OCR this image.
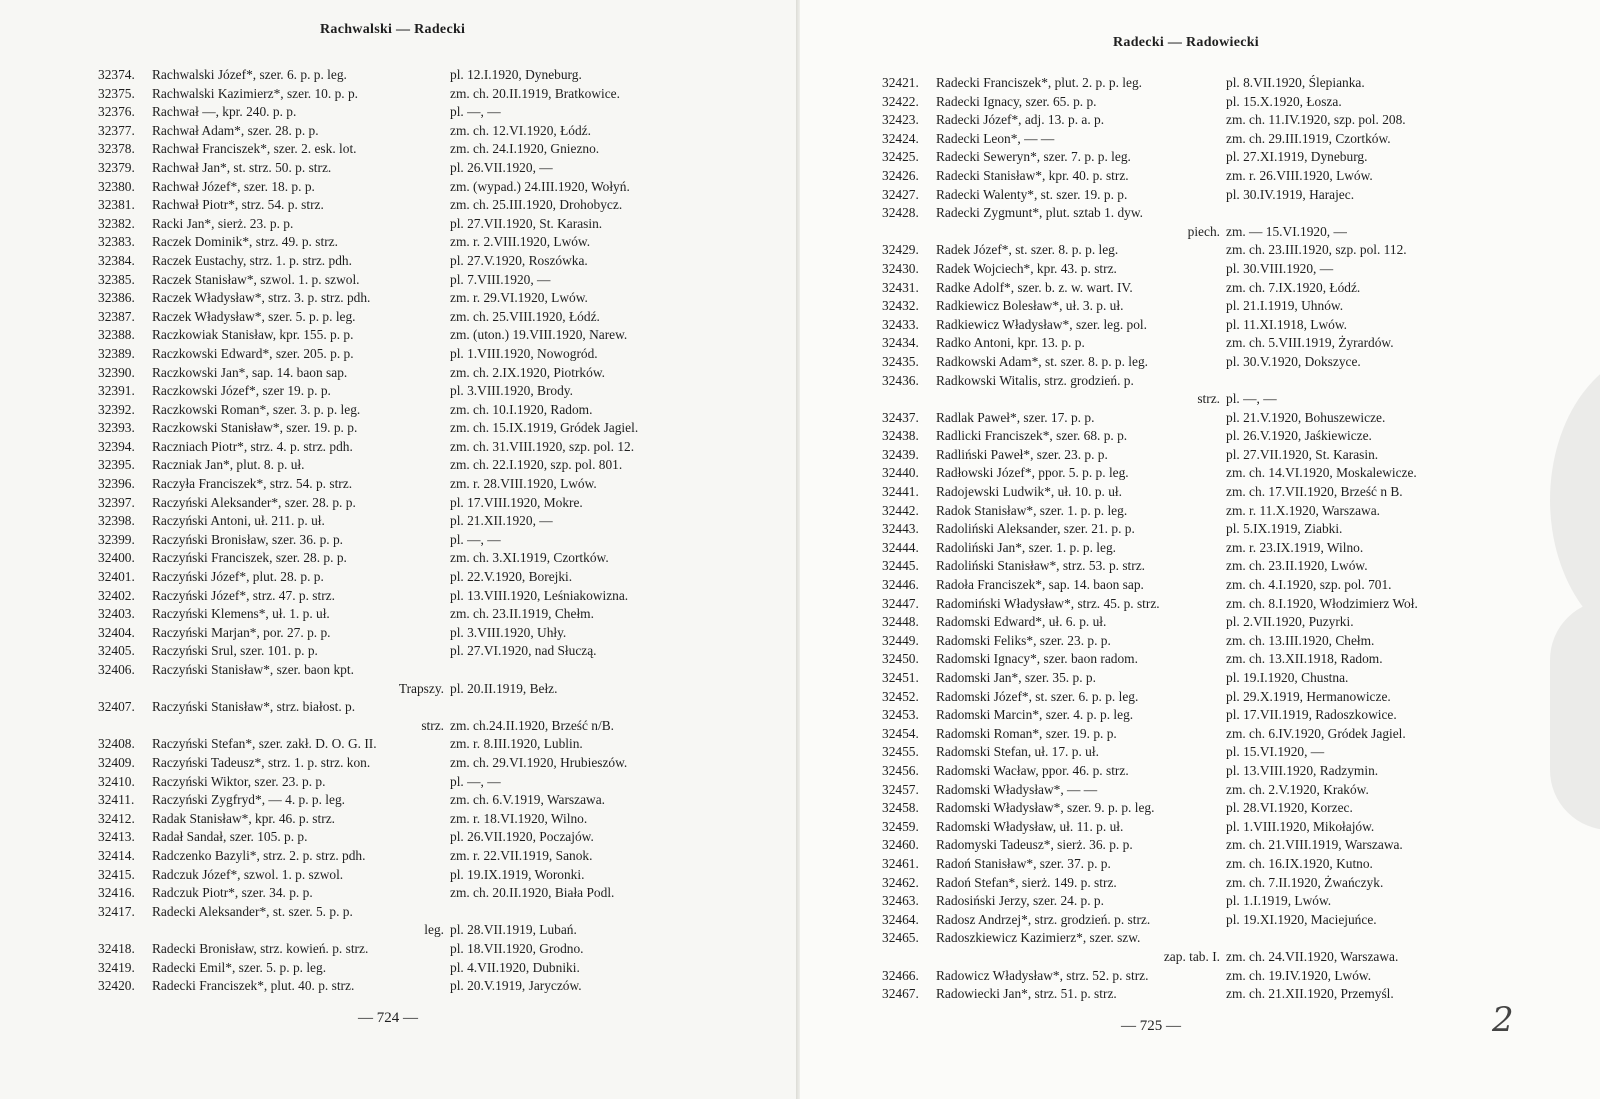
Rachwalski — Radecki
32374.	Rachwalski Józef*, szer. 6. p. p. leg.	pl. 12.I.1920, Dyneburg.
32375.	Rachwalski Kazimierz*, szer. 10. p. p.	zm. ch. 20.II.1919, Bratkowice.
32376.	Rachwał —, kpr. 240. p. p.	pl. —, —
32377.	Rachwał Adam*, szer. 28. p. p.	zm. ch. 12.VI.1920, Łódź.
32378.	Rachwał Franciszek*, szer. 2. esk. lot.	zm. ch. 24.I.1920, Gniezno.
32379.	Rachwał Jan*, st. strz. 50. p. strz.	pl. 26.VII.1920, —
32380.	Rachwał Józef*, szer. 18. p. p.	zm. (wypad.) 24.III.1920, Wołyń.
32381.	Rachwał Piotr*, strz. 54. p. strz.	zm. ch. 25.III.1920, Drohobycz.
32382.	Racki Jan*, sierż. 23. p. p.	pl. 27.VII.1920, St. Karasin.
32383.	Raczek Dominik*, strz. 49. p. strz.	zm. r. 2.VIII.1920, Lwów.
32384.	Raczek Eustachy, strz. 1. p. strz. pdh.	pl. 27.V.1920, Roszówka.
32385.	Raczek Stanisław*, szwol. 1. p. szwol.	pl. 7.VIII.1920, —
32386.	Raczek Władysław*, strz. 3. p. strz. pdh.	zm. r. 29.VI.1920, Lwów.
32387.	Raczek Władysław*, szer. 5. p. p. leg.	zm. ch. 25.VIII.1920, Łódź.
32388.	Raczkowiak Stanisław, kpr. 155. p. p.	zm. (uton.) 19.VIII.1920, Narew.
32389.	Raczkowski Edward*, szer. 205. p. p.	pl. 1.VIII.1920, Nowogród.
32390.	Raczkowski Jan*, sap. 14. baon sap.	zm. ch. 2.IX.1920, Piotrków.
32391.	Raczkowski Józef*, szer 19. p. p.	pl. 3.VIII.1920, Brody.
32392.	Raczkowski Roman*, szer. 3. p. p. leg.	zm. ch. 10.I.1920, Radom.
32393.	Raczkowski Stanisław*, szer. 19. p. p.	zm. ch. 15.IX.1919, Gródek Jagiel.
32394.	Raczniach Piotr*, strz. 4. p. strz. pdh.	zm. ch. 31.VIII.1920, szp. pol. 12.
32395.	Raczniak Jan*, plut. 8. p. uł.	zm. ch. 22.I.1920, szp. pol. 801.
32396.	Raczyła Franciszek*, strz. 54. p. strz.	zm. r. 28.VIII.1920, Lwów.
32397.	Raczyński Aleksander*, szer. 28. p. p.	pl. 17.VIII.1920, Mokre.
32398.	Raczyński Antoni, uł. 211. p. uł.	pl. 21.XII.1920, —
32399.	Raczyński Bronisław, szer. 36. p. p.	pl. —, —
32400.	Raczyński Franciszek, szer. 28. p. p.	zm. ch. 3.XI.1919, Czortków.
32401.	Raczyński Józef*, plut. 28. p. p.	pl. 22.V.1920, Borejki.
32402.	Raczyński Józef*, strz. 47. p. strz.	pl. 13.VIII.1920, Leśniakowizna.
32403.	Raczyński Klemens*, uł. 1. p. uł.	zm. ch. 23.II.1919, Chełm.
32404.	Raczyński Marjan*, por. 27. p. p.	pl. 3.VIII.1920, Uhły.
32405.	Raczyński Srul, szer. 101. p. p.	pl. 27.VI.1920, nad Słuczą.
32406.	Raczyński Stanisław*, szer. baon kpt.
Trapszy. pl. 20.II.1919, Bełz.
32407.	Raczyński Stanisław*, strz. białost. p.
strz. zm. ch.24.II.1920, Brześć n/B.
32408.	Raczyński Stefan*, szer. zakł. D. O. G. II.	zm. r. 8.III.1920, Lublin.
32409.	Raczyński Tadeusz*, strz. 1. p. strz. kon.	zm. ch. 29.VI.1920, Hrubieszów.
32410.	Raczyński Wiktor, szer. 23. p. p.	pl. —, —
32411.	Raczyński Zygfryd*, — 4. p. p. leg.	zm. ch. 6.V.1919, Warszawa.
32412.	Radak Stanisław*, kpr. 46. p. strz.	zm. r. 18.VI.1920, Wilno.
32413.	Radał Sandał, szer. 105. p. p.	pl. 26.VII.1920, Poczajów.
32414.	Radczenko Bazyli*, strz. 2. p. strz. pdh.	zm. r. 22.VII.1919, Sanok.
32415.	Radczuk Józef*, szwol. 1. p. szwol.	pl. 19.IX.1919, Woronki.
32416.	Radczuk Piotr*, szer. 34. p. p.	zm. ch. 20.II.1920, Biała Podl.
32417.	Radecki Aleksander*, st. szer. 5. p. p.
leg. pl. 28.VII.1919, Lubań.
32418.	Radecki Bronisław, strz. kowień. p. strz.	pl. 18.VII.1920, Grodno.
32419.	Radecki Emil*, szer. 5. p. p. leg.	pl. 4.VII.1920, Dubniki.
32420.	Radecki Franciszek*, plut. 40. p. strz.	pl. 20.V.1919, Jaryczów.
— 724 —
Radecki — Radowiecki
32421.	Radecki Franciszek*, plut. 2. p. p. leg.	pl. 8.VII.1920, Ślepianka.
32422.	Radecki Ignacy, szer. 65. p. p.	pl. 15.X.1920, Łosza.
32423.	Radecki Józef*, adj. 13. p. a. p.	zm. ch. 11.IV.1920, szp. pol. 208.
32424.	Radecki Leon*, — —	zm. ch. 29.III.1919, Czortków.
32425.	Radecki Seweryn*, szer. 7. p. p. leg.	pl. 27.XI.1919, Dyneburg.
32426.	Radecki Stanisław*, kpr. 40. p. strz.	zm. r. 26.VIII.1920, Lwów.
32427.	Radecki Walenty*, st. szer. 19. p. p.	pl. 30.IV.1919, Harajec.
32428.	Radecki Zygmunt*, plut. sztab 1. dyw.
piech. zm. — 15.VI.1920, —
32429.	Radek Józef*, st. szer. 8. p. p. leg.	zm. ch. 23.III.1920, szp. pol. 112.
32430.	Radek Wojciech*, kpr. 43. p. strz.	pl. 30.VIII.1920, —
32431.	Radke Adolf*, szer. b. z. w. wart. IV.	zm. ch. 7.IX.1920, Łódź.
32432.	Radkiewicz Bolesław*, uł. 3. p. uł.	pl. 21.I.1919, Uhnów.
32433.	Radkiewicz Władysław*, szer. leg. pol.	pl. 11.XI.1918, Lwów.
32434.	Radko Antoni, kpr. 13. p. p.	zm. ch. 5.VIII.1919, Żyrardów.
32435.	Radkowski Adam*, st. szer. 8. p. p. leg.	pl. 30.V.1920, Dokszyce.
32436.	Radkowski Witalis, strz. grodzień. p.
strz. pl. —, —
32437.	Radlak Paweł*, szer. 17. p. p.	pl. 21.V.1920, Bohuszewicze.
32438.	Radlicki Franciszek*, szer. 68. p. p.	pl. 26.V.1920, Jaśkiewicze.
32439.	Radliński Paweł*, szer. 23. p. p.	pl. 27.VII.1920, St. Karasin.
32440.	Radłowski Józef*, ppor. 5. p. p. leg.	zm. ch. 14.VI.1920, Moskalewicze.
32441.	Radojewski Ludwik*, uł. 10. p. uł.	zm. ch. 17.VII.1920, Brześć n B.
32442.	Radok Stanisław*, szer. 1. p. p. leg.	zm. r. 11.X.1920, Warszawa.
32443.	Radoliński Aleksander, szer. 21. p. p.	pl. 5.IX.1919, Ziabki.
32444.	Radoliński Jan*, szer. 1. p. p. leg.	zm. r. 23.IX.1919, Wilno.
32445.	Radoliński Stanisław*, strz. 53. p. strz.	zm. ch. 23.II.1920, Lwów.
32446.	Radoła Franciszek*, sap. 14. baon sap.	zm. ch. 4.I.1920, szp. pol. 701.
32447.	Radomiński Władysław*, strz. 45. p. strz.	zm. ch. 8.I.1920, Włodzimierz Woł.
32448.	Radomski Edward*, uł. 6. p. uł.	pl. 2.VII.1920, Puzyrki.
32449.	Radomski Feliks*, szer. 23. p. p.	zm. ch. 13.III.1920, Chełm.
32450.	Radomski Ignacy*, szer. baon radom.	zm. ch. 13.XII.1918, Radom.
32451.	Radomski Jan*, szer. 35. p. p.	pl. 19.I.1920, Chustna.
32452.	Radomski Józef*, st. szer. 6. p. p. leg.	pl. 29.X.1919, Hermanowicze.
32453.	Radomski Marcin*, szer. 4. p. p. leg.	pl. 17.VII.1919, Radoszkowice.
32454.	Radomski Roman*, szer. 19. p. p.	zm. ch. 6.IV.1920, Gródek Jagiel.
32455.	Radomski Stefan, uł. 17. p. uł.	pl. 15.VI.1920, —
32456.	Radomski Wacław, ppor. 46. p. strz.	pl. 13.VIII.1920, Radzymin.
32457.	Radomski Władysław*, — —	zm. ch. 2.V.1920, Kraków.
32458.	Radomski Władysław*, szer. 9. p. p. leg.	pl. 28.VI.1920, Korzec.
32459.	Radomski Władysław, uł. 11. p. uł.	pl. 1.VIII.1920, Mikołajów.
32460.	Radomyski Tadeusz*, sierż. 36. p. p.	zm. ch. 21.VIII.1919, Warszawa.
32461.	Radoń Stanisław*, szer. 37. p. p.	zm. ch. 16.IX.1920, Kutno.
32462.	Radoń Stefan*, sierż. 149. p. strz.	zm. ch. 7.II.1920, Żwańczyk.
32463.	Radosiński Jerzy, szer. 24. p. p.	pl. 1.I.1919, Lwów.
32464.	Radosz Andrzej*, strz. grodzień. p. strz.	pl. 19.XI.1920, Maciejuńce.
32465.	Radoszkiewicz Kazimierz*, szer. szw.
zap. tab. I. zm. ch. 24.VII.1920, Warszawa.
32466.	Radowicz Władysław*, strz. 52. p. strz.	zm. ch. 19.IV.1920, Lwów.
32467.	Radowiecki Jan*, strz. 51. p. strz.	zm. ch. 21.XII.1920, Przemyśl.
— 725 —	2
